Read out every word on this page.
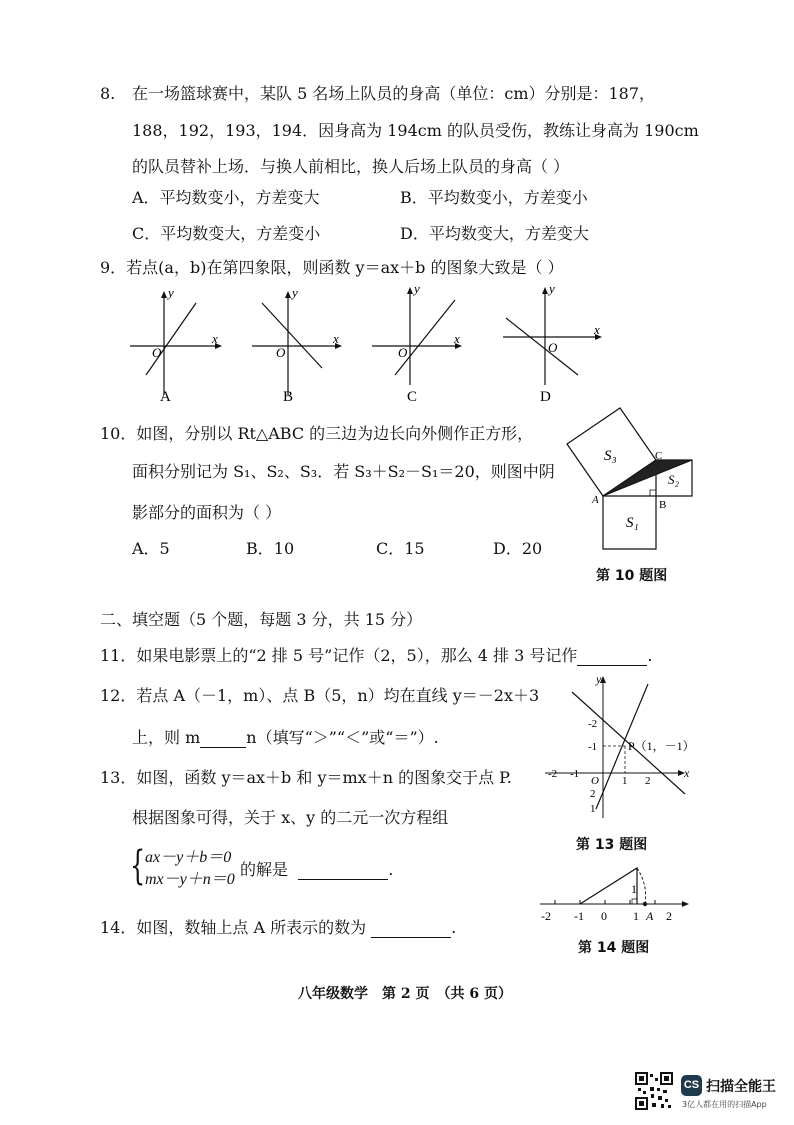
8. 在一场篮球赛中，某队 5 名场上队员的身高（单位：cm）分别是：187，
188，192，193，194．因身高为 194cm 的队员受伤，教练让身高为 190cm
的队员替补上场．与换人前相比，换人后场上队员的身高（ ）
A．平均数变小，方差变大	B．平均数变小，方差变小
C．平均数变大，方差变小	D．平均数变大，方差变大
9．若点(a，b)在第四象限，则函数 y＝ax＋b 的图象大致是（ ）
y
x
O
A
y
x
O
B
y
x
O
C
y
x
O
D
10．如图，分别以 Rt△ABC 的三边为边长向外侧作正方形，
面积分别记为 S₁、S₂、S₃．若 S₃＋S₂－S₁＝20，则图中阴
影部分的面积为（ ）
A．5	B．10	C．15	D．20
S₃
S₂
S₁
A	B
C
第 10 题图
二、填空题（5 个题，每题 3 分，共 15 分）
11．如果电影票上的“2 排 5 号”记作（2，5），那么 4 排 3 号记作	.
12．若点 A（－1，m）、点 B（5，n）均在直线 y＝－2x＋3
上，则 m	n（填写“＞”“＜”或“＝”）.
13．如图，函数 y＝ax＋b 和 y＝mx＋n 的图象交于点 P.
根据图象可得，关于 x、y 的二元一次方程组
{ ax－y＋b＝0
mx－y＋n＝0
的解是	.
x
y
O
-2 -1
1 2
2
1
-1
-2
P（1，－1）
第 13 题图
14．如图，数轴上点 A 所表示的数为	.
-2 -1 0 1 2
A
1
第 14 题图
八年级数学　第 2 页　（共 6 页）
CS 扫描全能王
3亿人都在用的扫描App
